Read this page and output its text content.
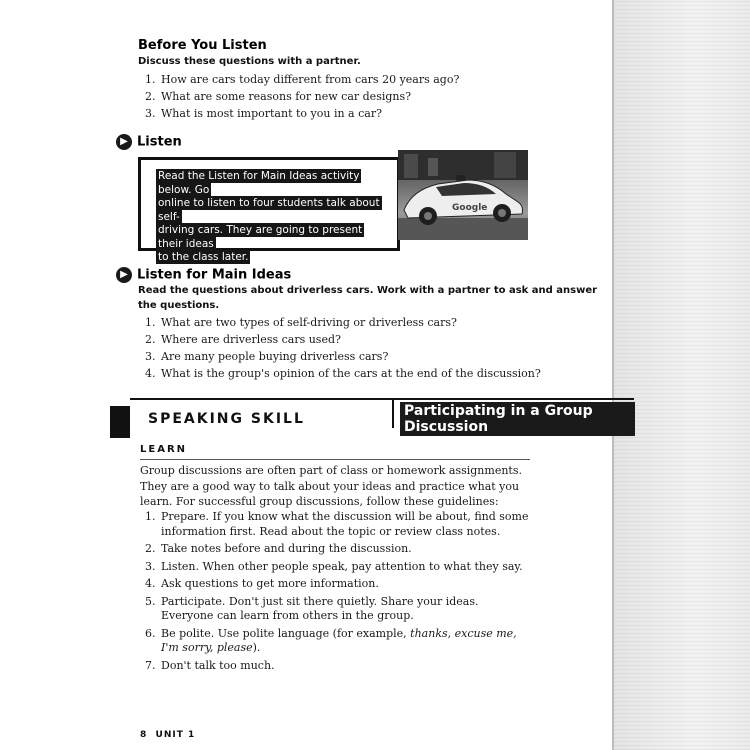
Before You Listen

Discuss these questions with a partner.

1. How are cars today different from cars 20 years ago?
2. What are some reasons for new car designs?
3. What is most important to you in a car?
▶ Listen
Read the Listen for Main Ideas activity below. Go
online to listen to four students talk about self-
driving cars. They are going to present their ideas
to the class later.
Google
▶ Listen for Main Ideas

Read the questions about driverless cars. Work with a partner to ask and answer
the questions.

1. What are two types of self-driving or driverless cars?
2. Where are driverless cars used?
3. Are many people buying driverless cars?
4. What is the group's opinion of the cars at the end of the discussion?
SPEAKING SKILL	Participating in a Group Discussion
LEARN

Group discussions are often part of class or homework assignments. They are a good way to talk about your ideas and practice what you learn. For successful group discussions, follow these guidelines:

1. Prepare. If you know what the discussion will be about, find some information first. Read about the topic or review class notes.
2. Take notes before and during the discussion.
3. Listen. When other people speak, pay attention to what they say.
4. Ask questions to get more information.
5. Participate. Don't just sit there quietly. Share your ideas. Everyone can learn from others in the group.
6. Be polite. Use polite language (for example, thanks, excuse me, I'm sorry, please).
7. Don't talk too much.
8 UNIT 1
